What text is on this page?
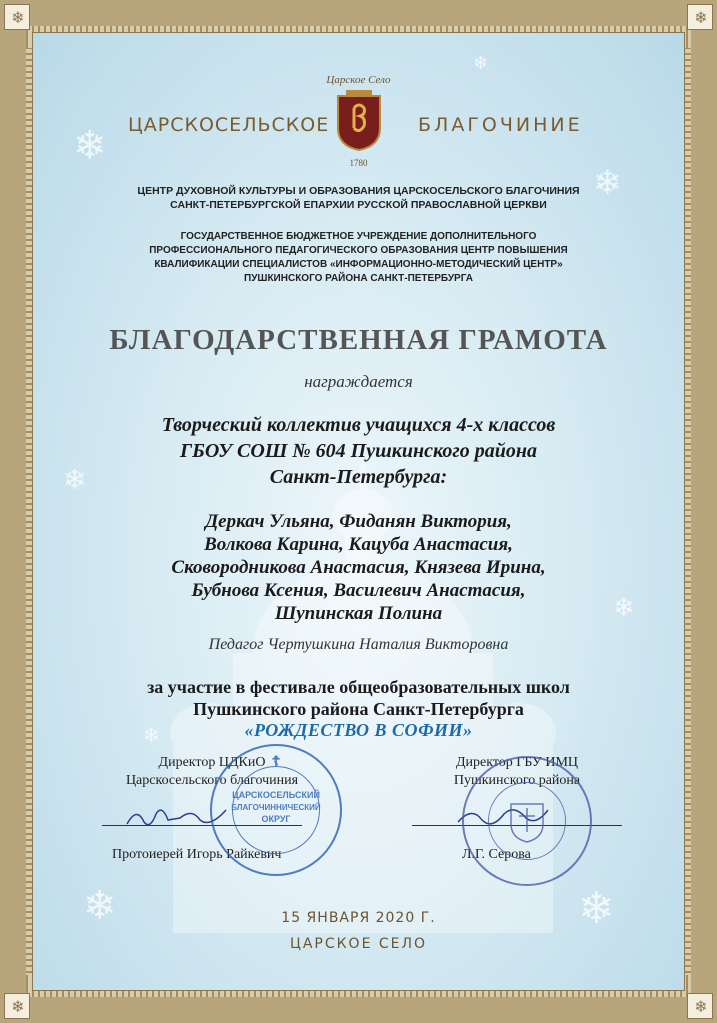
❄	❄
❄	❄
❄
❄
❄
❄
❄	❄
❄
❄
Царское Село
ЦАРСКОСЕЛЬСКОЕ	БЛАГОЧИНИЕ
1780
ЦЕНТР ДУХОВНОЙ КУЛЬТУРЫ И ОБРАЗОВАНИЯ ЦАРСКОСЕЛЬСКОГО БЛАГОЧИНИЯ
САНКТ-ПЕТЕРБУРГСКОЙ ЕПАРХИИ РУССКОЙ ПРАВОСЛАВНОЙ ЦЕРКВИ
ГОСУДАРСТВЕННОЕ БЮДЖЕТНОЕ УЧРЕЖДЕНИЕ ДОПОЛНИТЕЛЬНОГО
ПРОФЕССИОНАЛЬНОГО ПЕДАГОГИЧЕСКОГО ОБРАЗОВАНИЯ ЦЕНТР ПОВЫШЕНИЯ
КВАЛИФИКАЦИИ СПЕЦИАЛИСТОВ «ИНФОРМАЦИОННО-МЕТОДИЧЕСКИЙ ЦЕНТР»
ПУШКИНСКОГО РАЙОНА САНКТ-ПЕТЕРБУРГА
БЛАГОДАРСТВЕННАЯ ГРАМОТА
награждается
Творческий коллектив учащихся 4-х классов
ГБОУ СОШ № 604 Пушкинского района
Санкт-Петербурга:
Деркач Ульяна, Фиданян Виктория,
Волкова Карина, Кацуба Анастасия,
Сковородникова Анастасия, Князева Ирина,
Бубнова Ксения, Василевич Анастасия,
Шупинская Полина
Педагог Чертушкина Наталия Викторовна
за участие в фестивале общеобразовательных школ
Пушкинского района Санкт-Петербурга
«РОЖДЕСТВО В СОФИИ»
Директор ЦДКиО
Царскосельского благочиния
Директор ГБУ ИМЦ
Пушкинского района
Протоиерей Игорь Райкевич	Л.Г. Серова
☦
ЦАРСКОСЕЛЬСКИЙ
БЛАГОЧИННИЧЕСКИЙ
ОКРУГ
15 ЯНВАРЯ 2020 Г.
ЦАРСКОЕ СЕЛО
